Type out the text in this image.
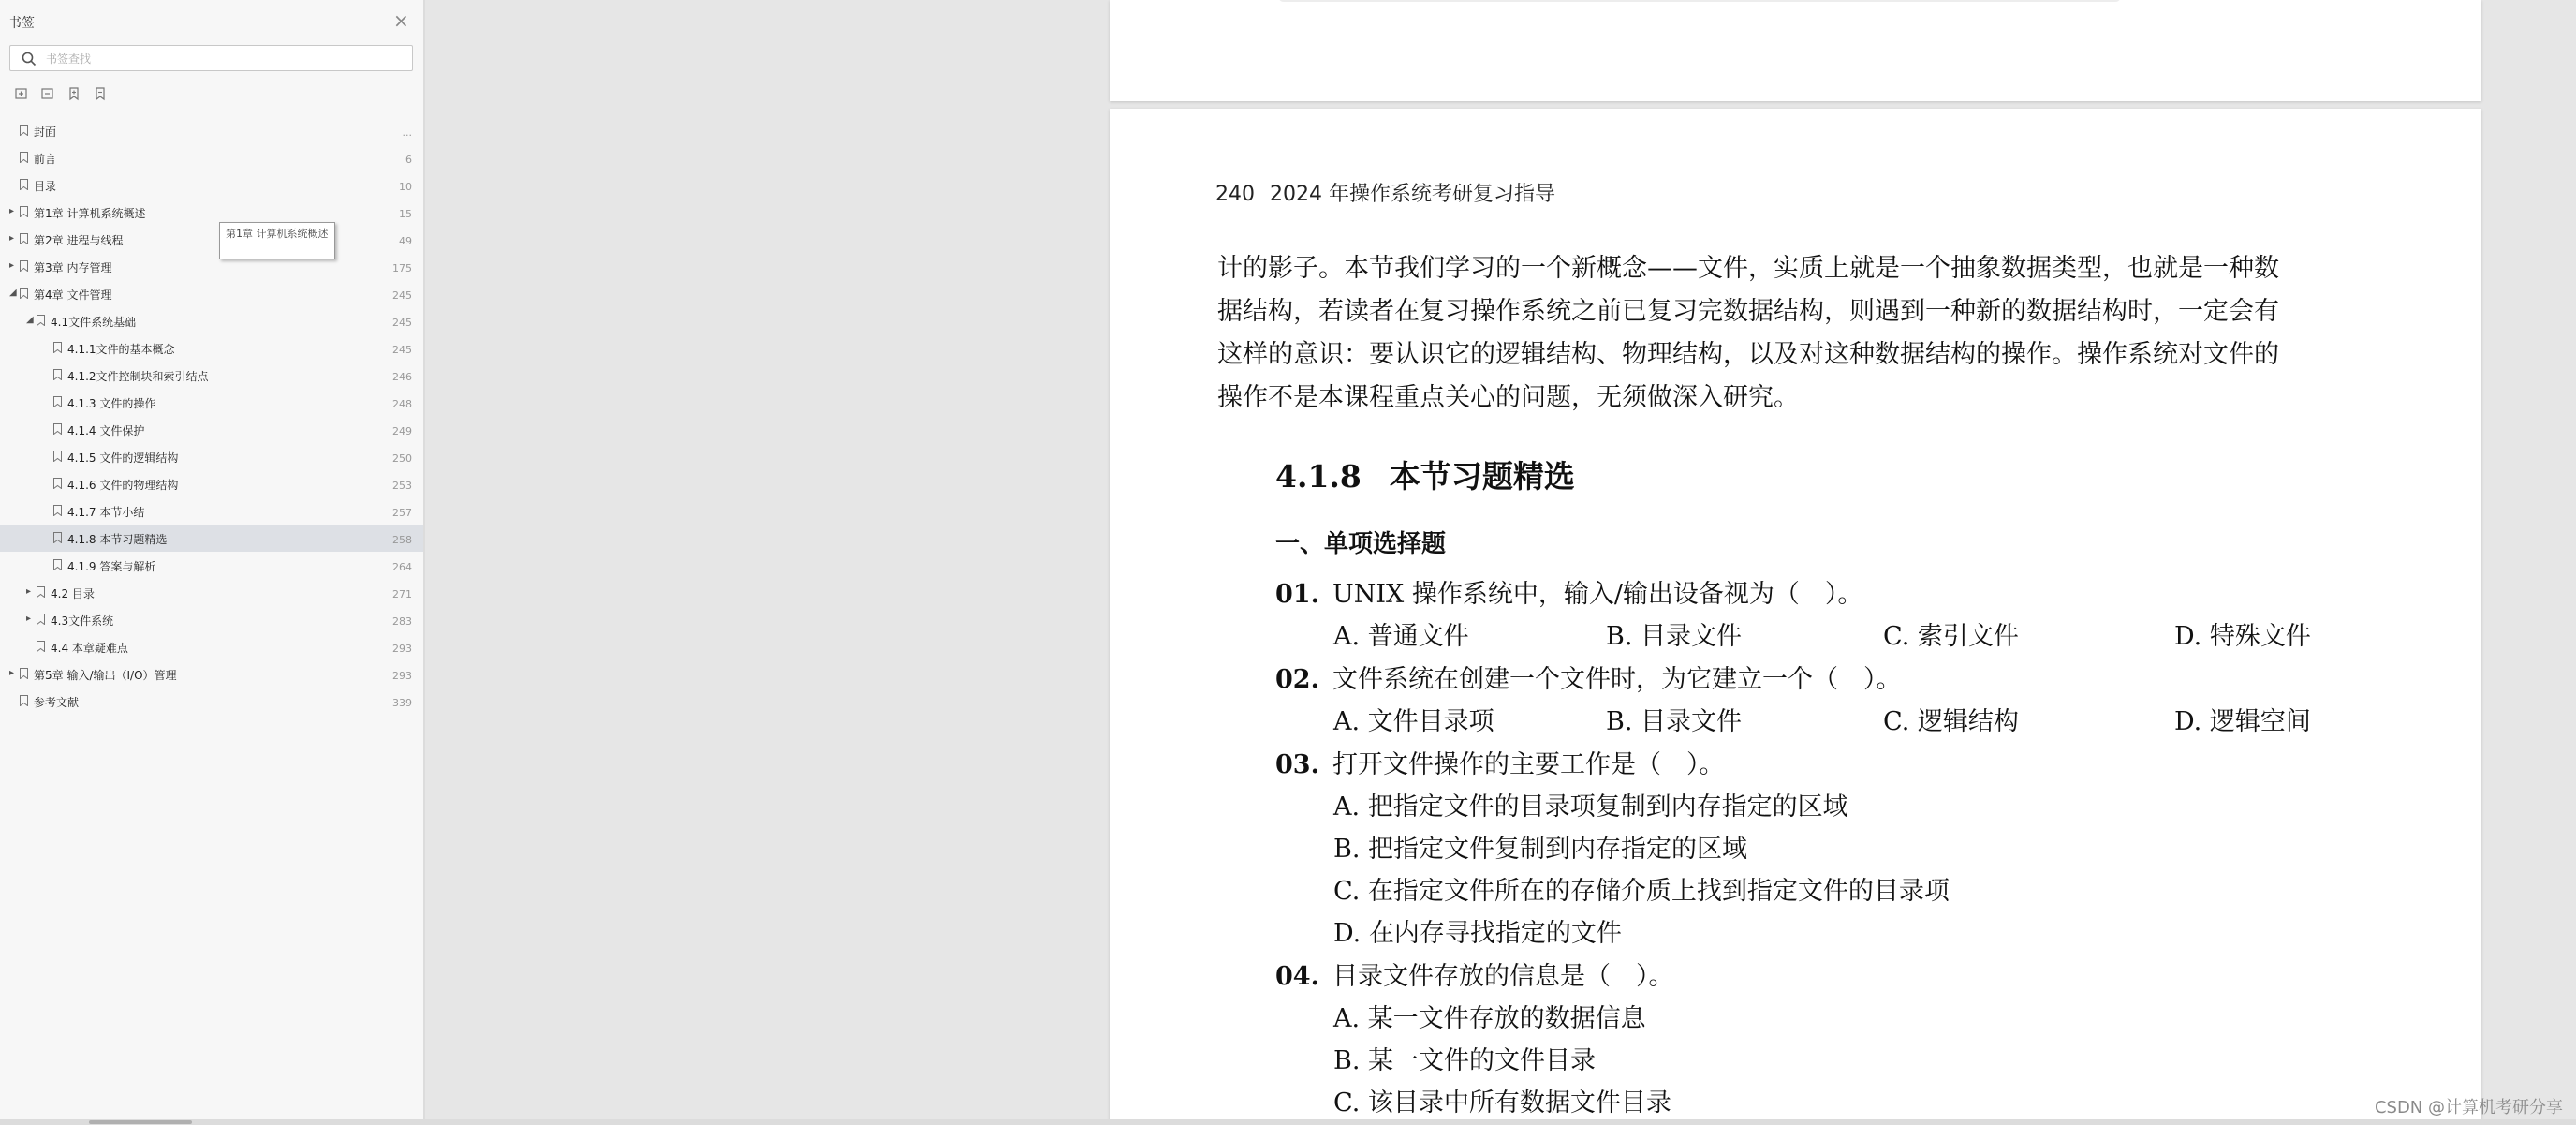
书签	×
书签查找
封面	...
前言	6
目录	10
▸	第1章 计算机系统概述	15
▸	第2章 进程与线程	49
▸	第3章 内存管理	175
◢ 第4章 文件管理	245
◢ 4.1文件系统基础	245
4.1.1文件的基本概念	245
4.1.2文件控制块和索引结点	246
4.1.3 文件的操作	248
4.1.4 文件保护	249
4.1.5 文件的逻辑结构	250
4.1.6 文件的物理结构	253
4.1.7 本节小结	257
4.1.8 本节习题精选	258
4.1.9 答案与解析	264
▸	4.2 目录	271
▸	4.3文件系统	283
4.4 本章疑难点	293
▸	第5章 输入/输出（I/O）管理	293
参考文献	339
第1章 计算机系统概述
240 2024 年操作系统考研复习指导
计的影子。本节我们学习的一个新概念——文件，实质上就是一个抽象数据类型，也就是一种数
据结构，若读者在复习操作系统之前已复习完数据结构，则遇到一种新的数据结构时，一定会有
这样的意识：要认识它的逻辑结构、物理结构，以及对这种数据结构的操作。操作系统对文件的
操作不是本课程重点关心的问题，无须做深入研究。
4.1.8 本节习题精选
一、单项选择题
01. UNIX 操作系统中，输入/输出设备视为（　）。
A. 普通文件	B. 目录文件	C. 索引文件	D. 特殊文件
02. 文件系统在创建一个文件时，为它建立一个（　）。
A. 文件目录项	B. 目录文件	C. 逻辑结构	D. 逻辑空间
03. 打开文件操作的主要工作是（　）。
A. 把指定文件的目录项复制到内存指定的区域
B. 把指定文件复制到内存指定的区域
C. 在指定文件所在的存储介质上找到指定文件的目录项
D. 在内存寻找指定的文件
04. 目录文件存放的信息是（　）。
A. 某一文件存放的数据信息
B. 某一文件的文件目录
C. 该目录中所有数据文件目录	CSDN @计算机考研分享
